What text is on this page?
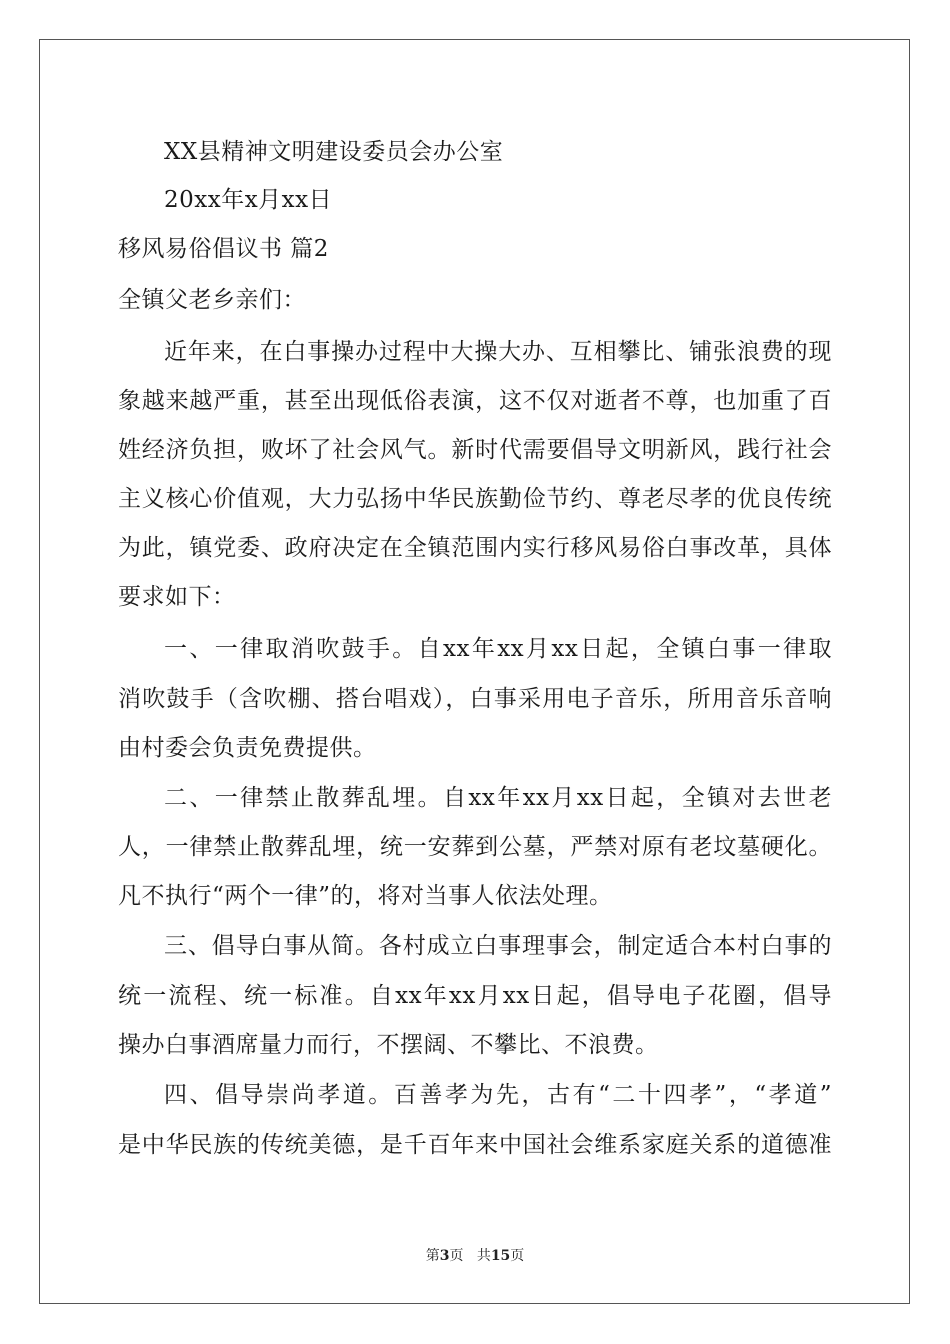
XX县精神文明建设委员会办公室
20xx年x月xx日
移风易俗倡议书 篇2
全镇父老乡亲们：
近年来，在白事操办过程中大操大办、互相攀比、铺张浪费的现
象越来越严重，甚至出现低俗表演，这不仅对逝者不尊，也加重了百
姓经济负担，败坏了社会风气。新时代需要倡导文明新风，践行社会
主义核心价值观，大力弘扬中华民族勤俭节约、尊老尽孝的优良传统
为此，镇党委、政府决定在全镇范围内实行移风易俗白事改革，具体
要求如下：
一、一律取消吹鼓手。自xx年xx月xx日起，全镇白事一律取
消吹鼓手（含吹棚、搭台唱戏），白事采用电子音乐，所用音乐音响
由村委会负责免费提供。
二、一律禁止散葬乱埋。自xx年xx月xx日起，全镇对去世老
人，一律禁止散葬乱埋，统一安葬到公墓，严禁对原有老坟墓硬化。
凡不执行“两个一律”的，将对当事人依法处理。
三、倡导白事从简。各村成立白事理事会，制定适合本村白事的
统一流程、统一标准。自xx年xx月xx日起，倡导电子花圈，倡导
操办白事酒席量力而行，不摆阔、不攀比、不浪费。
四、倡导崇尚孝道。百善孝为先，古有“二十四孝”，“孝道”
是中华民族的传统美德，是千百年来中国社会维系家庭关系的道德准
第3页 共15页
